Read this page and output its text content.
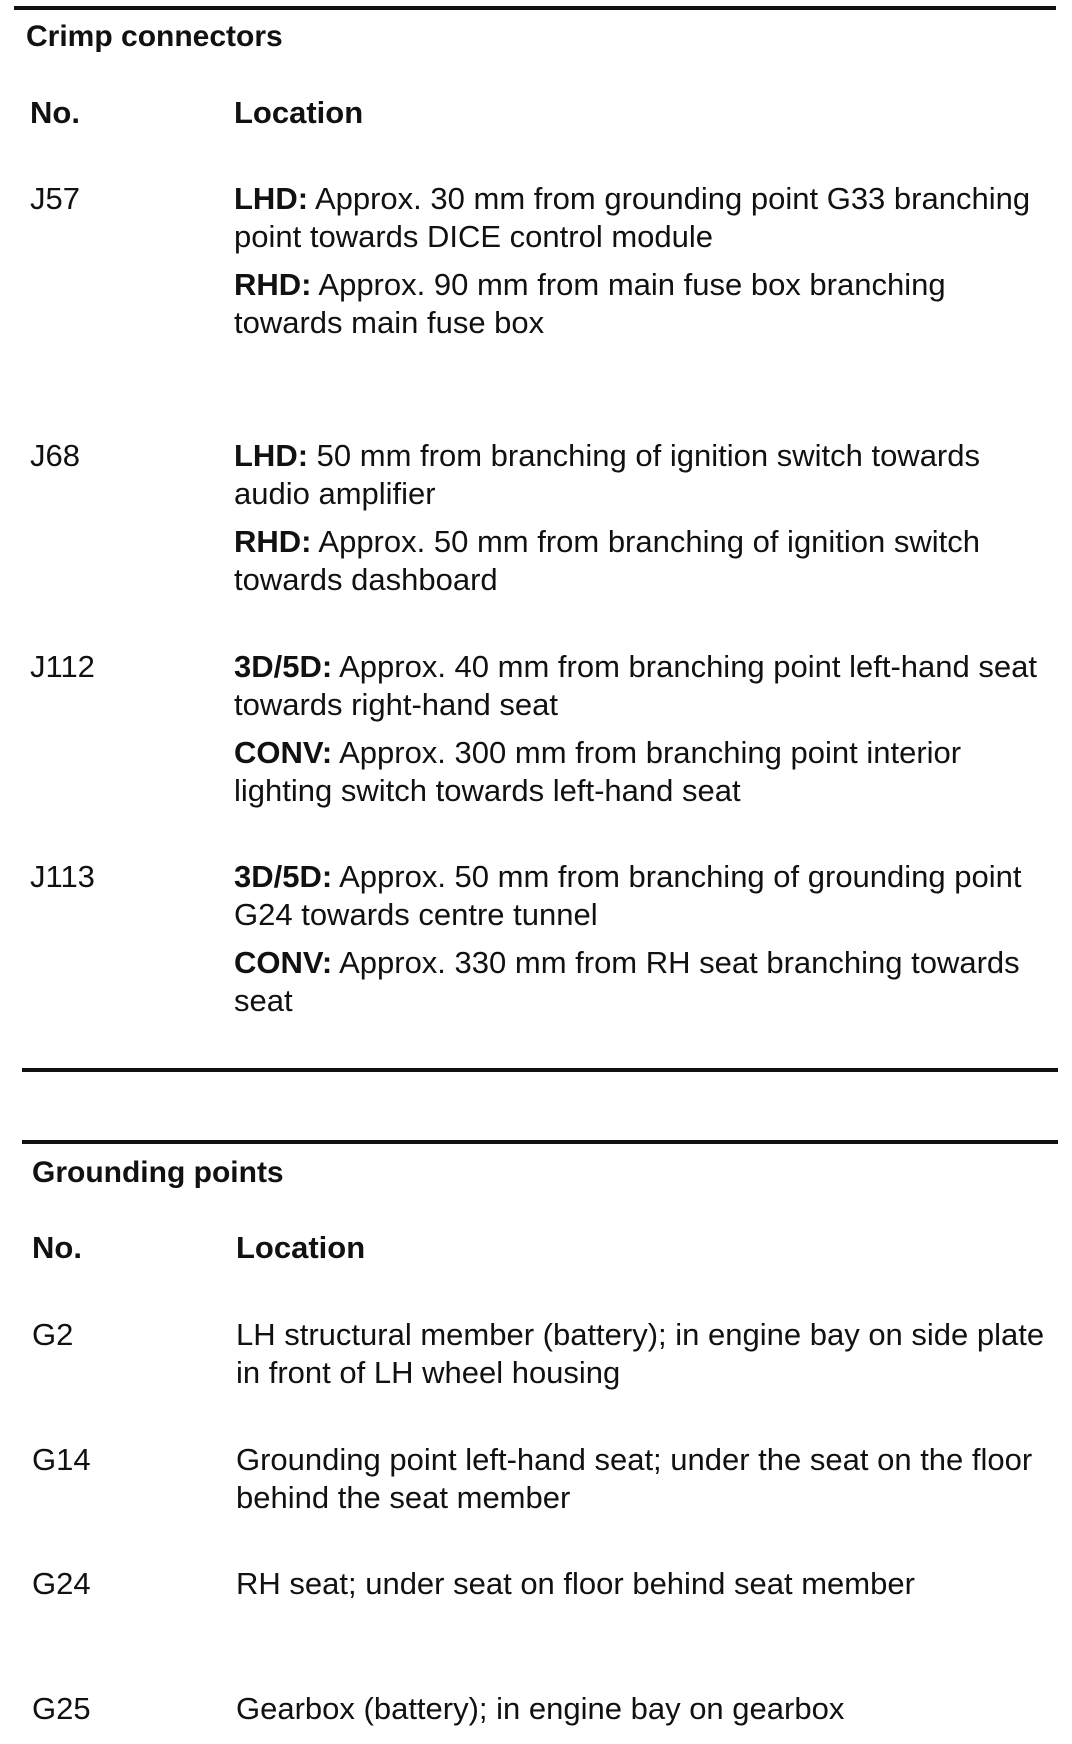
Crimp connectors
No.	Location
J57	LHD: Approx. 30 mm from grounding point G33 branching point towards DICE control module

RHD: Approx. 90 mm from main fuse box branching towards main fuse box

J68	LHD: 50 mm from branching of ignition switch towards audio amplifier

RHD: Approx. 50 mm from branching of ignition switch towards dashboard

J112	3D/5D: Approx. 40 mm from branching point left-hand seat towards right-hand seat

CONV: Approx. 300 mm from branching point interior lighting switch towards left-hand seat

J113	3D/5D: Approx. 50 mm from branching of grounding point G24 towards centre tunnel

CONV: Approx. 330 mm from RH seat branching towards seat

Grounding points
No.	Location
G2	LH structural member (battery); in engine bay on side plate in front of LH wheel housing
G14	Grounding point left-hand seat; under the seat on the floor behind the seat member
G24	RH seat; under seat on floor behind seat member
G25	Gearbox (battery); in engine bay on gearbox
